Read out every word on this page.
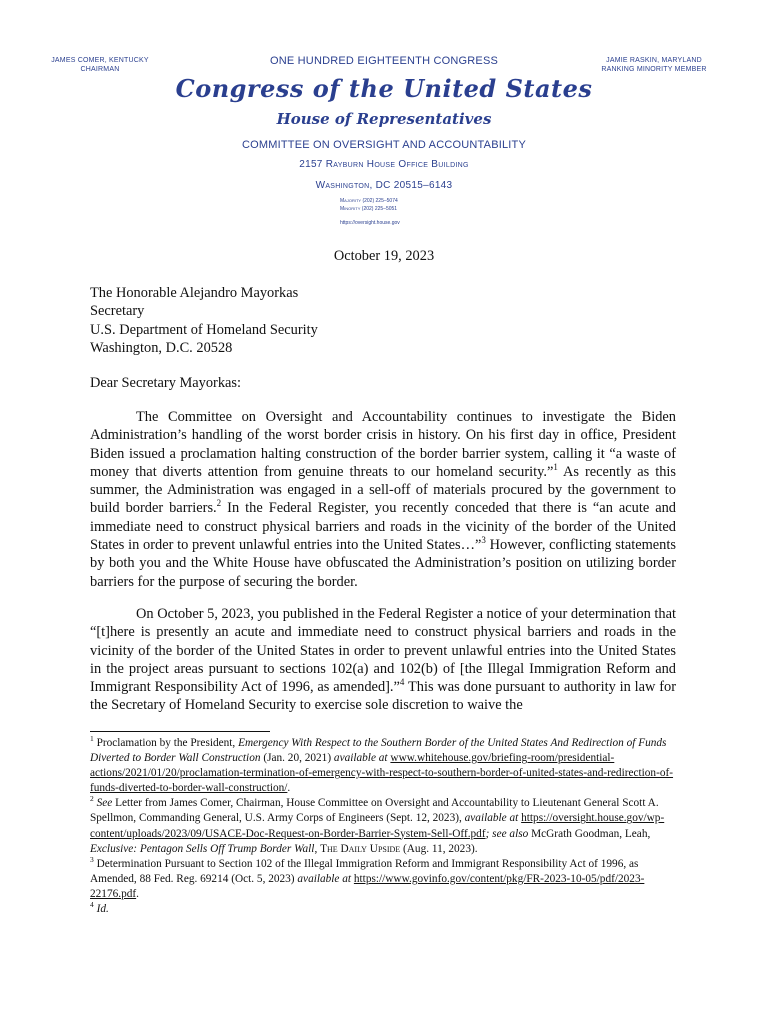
JAMES COMER, KENTUCKY
CHAIRMAN
JAMIE RASKIN, MARYLAND
RANKING MINORITY MEMBER
ONE HUNDRED EIGHTEENTH CONGRESS
Congress of the United States
House of Representatives
COMMITTEE ON OVERSIGHT AND ACCOUNTABILITY
2157 Rayburn House Office Building
Washington, DC 20515–6143
Majority (202) 225–5074
Minority (202) 225–5051
https://oversight.house.gov
October 19, 2023
The Honorable Alejandro Mayorkas
Secretary
U.S. Department of Homeland Security
Washington, D.C. 20528
Dear Secretary Mayorkas:
The Committee on Oversight and Accountability continues to investigate the Biden Administration’s handling of the worst border crisis in history. On his first day in office, President Biden issued a proclamation halting construction of the border barrier system, calling it “a waste of money that diverts attention from genuine threats to our homeland security.”$^1$ As recently as this summer, the Administration was engaged in a sell-off of materials procured by the government to build border barriers.$^2$ In the Federal Register, you recently conceded that there is “an acute and immediate need to construct physical barriers and roads in the vicinity of the border of the United States in order to prevent unlawful entries into the United States…”$^3$ However, conflicting statements by both you and the White House have obfuscated the Administration’s position on utilizing border barriers for the purpose of securing the border.
On October 5, 2023, you published in the Federal Register a notice of your determination that “[t]here is presently an acute and immediate need to construct physical barriers and roads in the vicinity of the border of the United States in order to prevent unlawful entries into the United States in the project areas pursuant to sections 102(a) and 102(b) of [the Illegal Immigration Reform and Immigrant Responsibility Act of 1996, as amended].”$^4$ This was done pursuant to authority in law for the Secretary of Homeland Security to exercise sole discretion to waive the

$^1$ Proclamation by the President, Emergency With Respect to the Southern Border of the United States And Redirection of Funds Diverted to Border Wall Construction (Jan. 20, 2021) available at www.whitehouse.gov/briefing-room/presidential-actions/2021/01/20/proclamation-termination-of-emergency-with-respect-to-southern-border-of-united-states-and-redirection-of-funds-diverted-to-border-wall-construction/.

$^2$ See Letter from James Comer, Chairman, House Committee on Oversight and Accountability to Lieutenant General Scott A. Spellmon, Commanding General, U.S. Army Corps of Engineers (Sept. 12, 2023), available at https://oversight.house.gov/wp-content/uploads/2023/09/USACE-Doc-Request-on-Border-Barrier-System-Sell-Off.pdf; see also McGrath Goodman, Leah, Exclusive: Pentagon Sells Off Trump Border Wall, The Daily Upside (Aug. 11, 2023).

$^3$ Determination Pursuant to Section 102 of the Illegal Immigration Reform and Immigrant Responsibility Act of 1996, as Amended, 88 Fed. Reg. 69214 (Oct. 5, 2023) available at https://www.govinfo.gov/content/pkg/FR-2023-10-05/pdf/2023-22176.pdf.

$^4$ Id.
